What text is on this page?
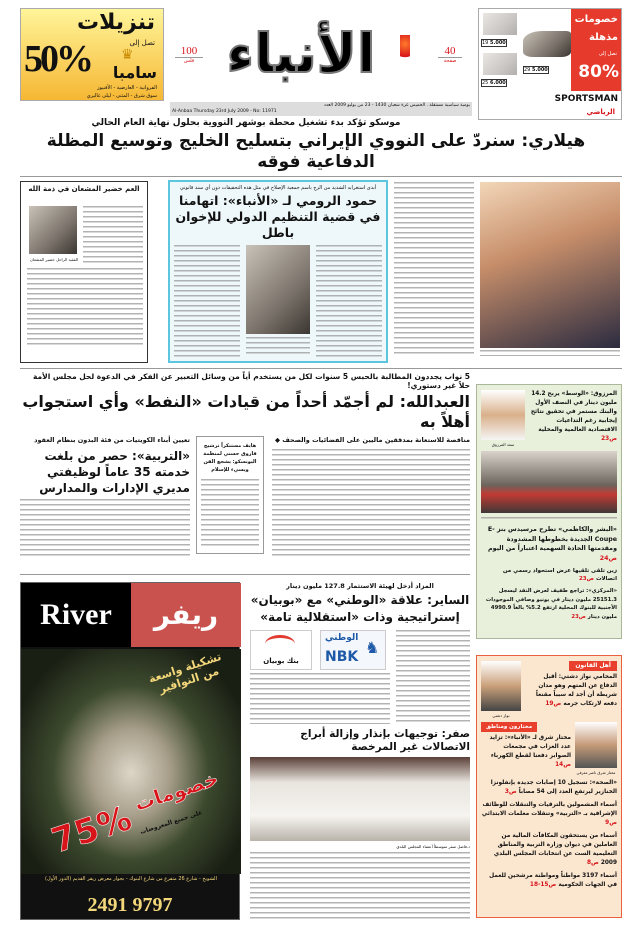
تنزيلات
تصل إلى
50% ♛
سامبا
الفروانية - العارضية - الأفنيوز
سوق شرق - المثنى - ليلى غاليري
100
فلس الأنباء	40
صفحة
يومية سياسية مستقلة . الخميس غرة شعبان 1430 - 23 من يوليو 2009 العدد
Al-Anbaa Thursday 23rd July 2009 - No: 11971
خصومات
مذهلة
تصل إلى
80%
19 5.000
29 5.000
25 6.000
SPORTSMAN
الرياضي
موسكو تؤكد بدء تشغيل محطة بوشهر النووية بحلول نهاية العام الحالي
هيلاري: سنردّ على النووي الإيراني بتسليح الخليج وتوسيع المظلة الدفاعية فوقه
العم خضير المشعان في ذمة الله
الفقيد الراحل خضير المشعان
أبدى استغرابه الشديد من الزج باسم جمعية الإصلاح في مثل هذه التحقيقات دون أي سند قانوني
حمود الرومي لـ «الأنباء»: اتهامنا في قضية التنظيم الدولي للإخوان باطل
5 نواب يجددون المطالبة بالحبس 5 سنوات لكل من يستخدم أياً من وسائل التعبير عن الفكر في الدعوة لحل مجلس الأمة حلاً غير دستوري!
العبدالله: لم أجمّد أحداً من قيادات «النفط» وأي استجواب أهلاً به
مناقصة للاستعانة بمدققين ماليين على الفضائيات والصحف ◆
هايف مستنكراً ترشيح فاروق حسني لمنظمة اليونسكو: يشجع الفن ويسيء للإسلام
تعيين أبناء الكويتيات من فئة البدون بنظام العقود
«التربية»: حصر من بلغت خدمته 35 عاماً لوظيفتي مديري الإدارات والمدارس
سعد المرزوق
المرزوق: «الوسط» يربح 14.2 مليون دينار في النصف الأول والبنك مستمر في تحقيق نتائج إيجابية رغم التداعيات الاقتصادية العالمية والمحلية ص23
«البشر والكاظمي» تطرح مرسيدس بنز E-Coupe الجديدة بخطوطها المشدودة ومقدمتها الحادة السهمية اعتباراً من اليوم ص24
زين تلقى تلقيها عرض استحواذ رسمي من اتصالات ص23
«المركزي»: تراجع طفيف لعرض النقد ليسجل 25151.3 مليون دينار في يونيو وصافي الموجودات الأجنبية للبنوك المحلية ارتفع 5.2% بالغاً 4990.9 مليون دينار ص23
River	ريفر
تشكيلة واسعة من النوافير
خصومات
75% على جميع المعروضات
الشويخ - شارع 26 متفرع من شارع البنوك - بجوار معرض ريفر القديم (الدور الأول)
2491 9797
المزاد أدخل لهيئة الاستثمار 127.8 مليون دينار
الساير: علاقة «الوطني» مع «بوبيان»
إستراتيجية وذات «استقلالية تامة»
بنك بوبيان
الوطني
NBK ♞
صفر: توجيهات بإنذار وإزالة أبراج الاتصالات غير المرخصة
د.فاضل صفر متوسطاً أعضاء المجلس البلدي
نواز دشتي
أهل القانون
المحامي نواز دشتي: أقبل الدفاع عن المتهم وهو مدان شريطة أن أجد له سبباً مقنعاً دفعه لارتكاب جرمه ص19
مختارون ومناطق
مختار شرق لـ «الأنباء»: تزايد عدد العزاب في مجمعات الصوابر دفعنا لقطع الكهرباء ص14
مختار شرق ناصر معرفي
«الصحة»: تسجيل 10 إصابات جديدة بإنفلونزا الخنازير ليرتفع العدد إلى 54 مصاباً ص3
أسماء المشمولين بالترقيات والتنقلات للوظائف الإشرافية بـ «التربية» وتنقلات معلمات الابتدائي ص9
أسماء من يستحقون المكافآت المالية من العاملين في ديوان وزارة التربية والمناطق التعليمية الست عن انتخابات المجلس البلدي 2009 ص8
أسماء 3197 مواطناً ومواطنة مرشحين للعمل في الجهات الحكومية ص15-18
